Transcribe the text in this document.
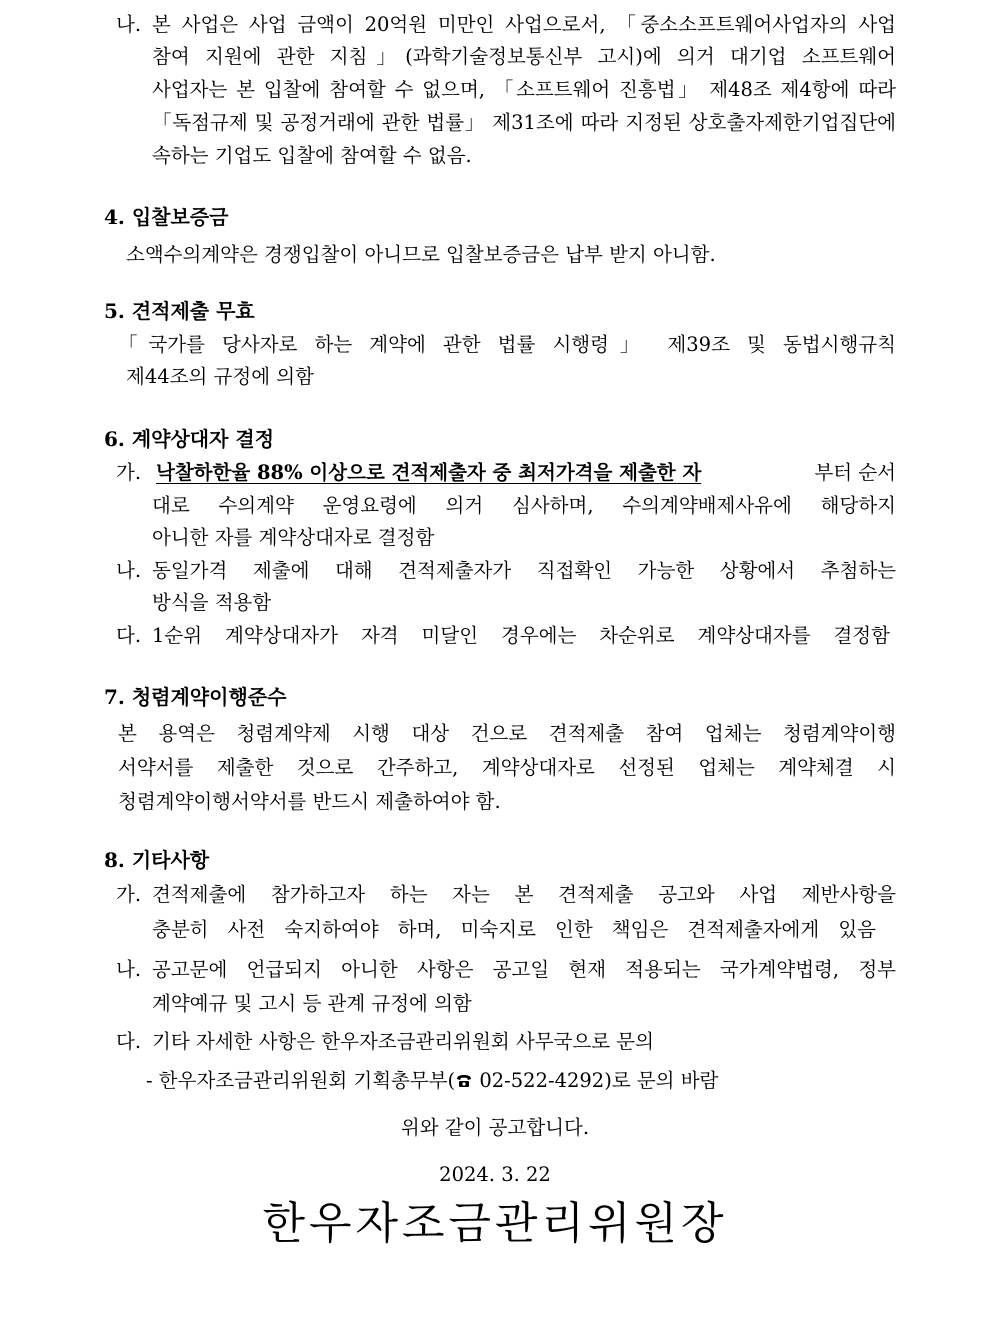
나. 본 사업은 사업 금액이 20억원 미만인 사업으로서, 「중소소프트웨어사업자의 사업
참여 지원에 관한 지침」(과학기술정보통신부 고시)에 의거 대기업 소프트웨어
사업자는 본 입찰에 참여할 수 없으며, 「소프트웨어 진흥법」 제48조 제4항에 따라
「독점규제 및 공정거래에 관한 법률」 제31조에 따라 지정된 상호출자제한기업집단에
속하는 기업도 입찰에 참여할 수 없음.
4. 입찰보증금
소액수의계약은 경쟁입찰이 아니므로 입찰보증금은 납부 받지 아니함.
5. 견적제출 무효
「국가를 당사자로 하는 계약에 관한 법률 시행령」 제39조 및 동법시행규칙
제44조의 규정에 의함
6. 계약상대자 결정
가. 낙찰하한율 88% 이상으로 견적제출자 중 최저가격을 제출한 자	부터 순서
대로 수의계약 운영요령에 의거 심사하며, 수의계약배제사유에 해당하지
아니한 자를 계약상대자로 결정함
나. 동일가격 제출에 대해 견적제출자가 직접확인 가능한 상황에서 추첨하는
방식을 적용함
다. 1순위 계약상대자가 자격 미달인 경우에는 차순위로 계약상대자를 결정함
7. 청렴계약이행준수
본 용역은 청렴계약제 시행 대상 건으로 견적제출 참여 업체는 청렴계약이행
서약서를 제출한 것으로 간주하고, 계약상대자로 선정된 업체는 계약체결 시
청렴계약이행서약서를 반드시 제출하여야 함.
8. 기타사항
가. 견적제출에 참가하고자 하는 자는 본 견적제출 공고와 사업 제반사항을
충분히 사전 숙지하여야 하며, 미숙지로 인한 책임은 견적제출자에게 있음
나. 공고문에 언급되지 아니한 사항은 공고일 현재 적용되는 국가계약법령, 정부
계약예규 및 고시 등 관계 규정에 의함
다. 기타 자세한 사항은 한우자조금관리위원회 사무국으로 문의
- 한우자조금관리위원회 기획총무부( 02-522-4292)로 문의 바람
위와 같이 공고합니다.
2024. 3. 22
한우자조금관리위원장
